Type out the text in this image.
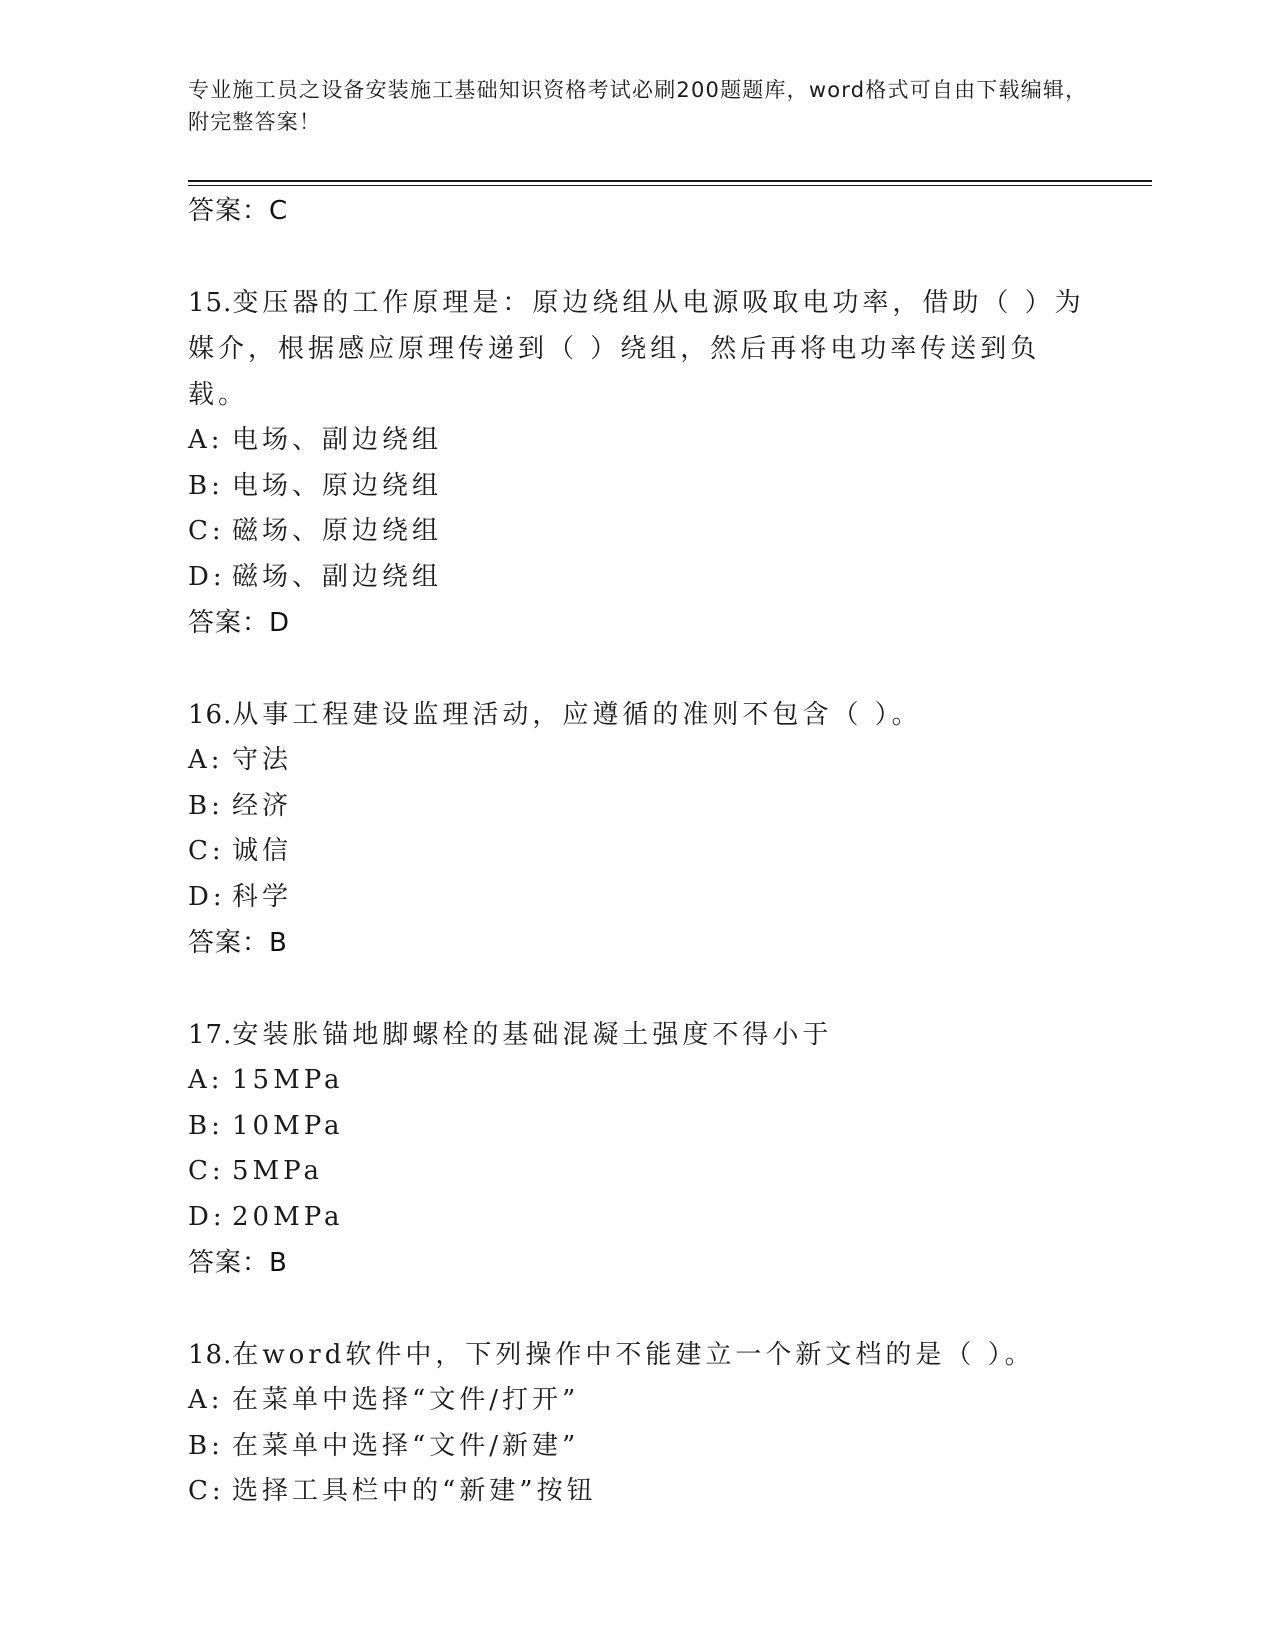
专业施工员之设备安装施工基础知识资格考试必刷200题题库，word格式可自由下载编辑，附完整答案！

答案：C

15.变压器的工作原理是：原边绕组从电源吸取电功率，借助（ ）为媒介，根据感应原理传递到（ ）绕组，然后再将电功率传送到负载。

A: 电场、副边绕组

B: 电场、原边绕组

C: 磁场、原边绕组

D: 磁场、副边绕组

答案：D

16.从事工程建设监理活动，应遵循的准则不包含（ ）。

A: 守法

B: 经济

C: 诚信

D: 科学

答案：B

17.安装胀锚地脚螺栓的基础混凝土强度不得小于

A: 15MPa

B: 10MPa

C: 5MPa

D: 20MPa

答案：B

18.在word软件中，下列操作中不能建立一个新文档的是（ ）。

A: 在菜单中选择“文件/打开”

B: 在菜单中选择“文件/新建”

C: 选择工具栏中的“新建”按钮
